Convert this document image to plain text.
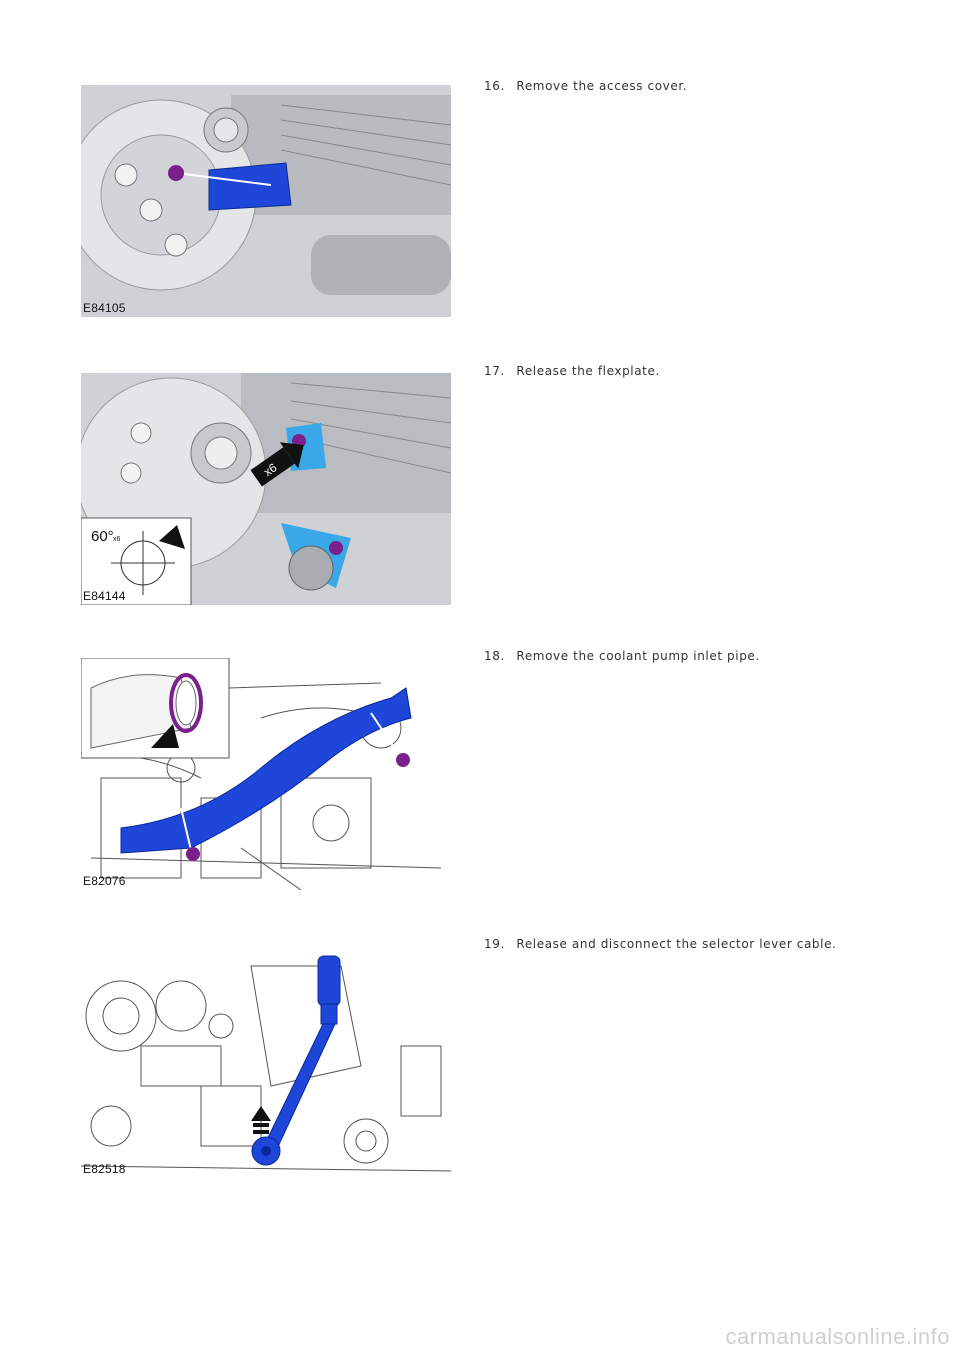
E84105
16. Remove the access cover.
x6
60° x6
E84144
17. Release the flexplate.
E82076
18. Remove the coolant pump inlet pipe.
E82518
19. Release and disconnect the selector lever cable.
carmanualsonline.info
